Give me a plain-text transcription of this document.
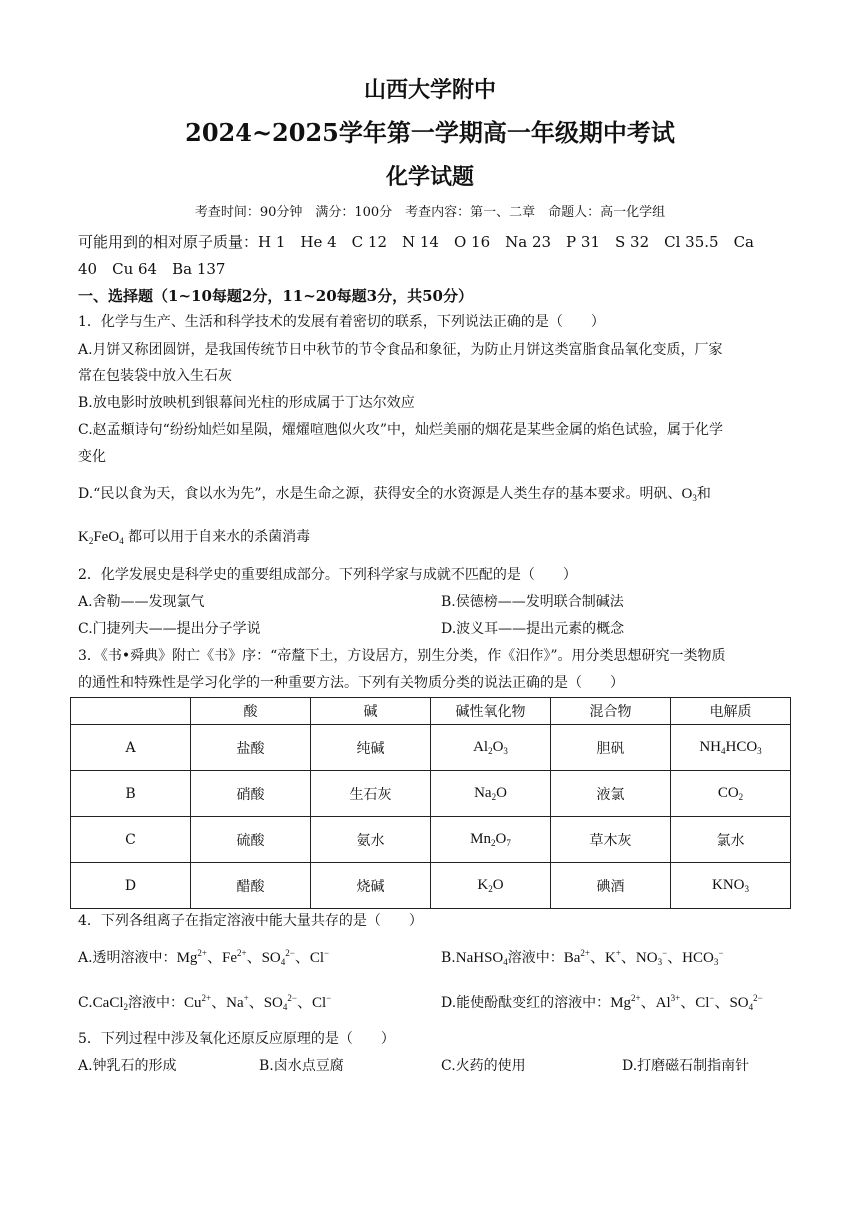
山西大学附中
2024~2025学年第一学期高一年级期中考试
化学试题
考查时间：90分钟　满分：100分　考查内容：第一、二章　命题人：高一化学组
可能用到的相对原子质量：H 1　He 4　C 12　N 14　O 16　Na 23　P 31　S 32　Cl 35.5　Ca
40　Cu 64　Ba 137
一、选择题（1~10每题2分，11~20每题3分，共50分）
1．化学与生产、生活和科学技术的发展有着密切的联系，下列说法正确的是（　　）
A.月饼又称团圆饼，是我国传统节日中秋节的节令食品和象征，为防止月饼这类富脂食品氧化变质，厂家
常在包装袋中放入生石灰
B.放电影时放映机到银幕间光柱的形成属于丁达尔效应
C.赵孟頫诗句“纷纷灿烂如星陨，燿燿喧虺似火攻”中，灿烂美丽的烟花是某些金属的焰色试验，属于化学
变化
D.“民以食为天，食以水为先”，水是生命之源，获得安全的水资源是人类生存的基本要求。明矾、$O_3$和
$K_2FeO_4$ 都可以用于自来水的杀菌消毒
2．化学发展史是科学史的重要组成部分。下列科学家与成就不匹配的是（　　）
A.舍勒——发现氯气	B.侯德榜——发明联合制碱法
C.门捷列夫——提出分子学说	D.波义耳——提出元素的概念
3．《书•舜典》附亡《书》序：“帝釐下土，方设居方，别生分类，作《汨作》”。用分类思想研究一类物质
的通性和特殊性是学习化学的一种重要方法。下列有关物质分类的说法正确的是（　　）
	酸	碱	碱性氧化物	混合物	电解质
A	盐酸	纯碱	$Al_2O_3$	胆矾	$NH_4HCO_3$
B	硝酸	生石灰	$Na_2O$	液氯	$CO_2$
C	硫酸	氨水	$Mn_2O_7$	草木灰	氯水
D	醋酸	烧碱	$K_2O$	碘酒	$KNO_3$
4．下列各组离子在指定溶液中能大量共存的是（　　）
A.透明溶液中：$Mg^{2+}$、$Fe^{2+}$、$SO_4^{2-}$、Cl−	B.NaHSO$_4$溶液中：$Ba^{2+}$、K+、$NO_3^-$、$HCO_3^-$
C.CaCl$_2$溶液中：$Cu^{2+}$、Na+、$SO_4^{2-}$、Cl−	D.能使酚酞变红的溶液中：$Mg^{2+}$、$Al^{3+}$、Cl−、$SO_4^{2-}$
5．下列过程中涉及氧化还原反应原理的是（　　）
A.钟乳石的形成	B.卤水点豆腐	C.火药的使用	D.打磨磁石制指南针
